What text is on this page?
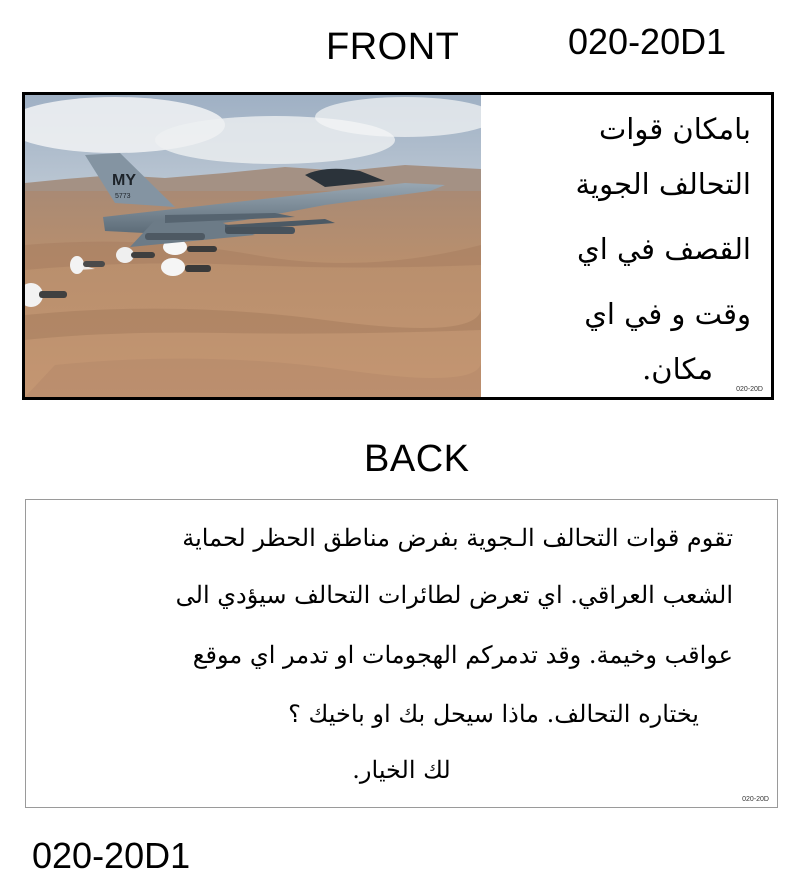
FRONT	020-20D1
MY
5773
بامكان قوات
التحالف الجوية
القصف في اي
وقت و في اي
مكان.
020-20D
BACK
تقوم قوات التحالف الـجوية بفرض مناطق الحظر لحماية
الشعب العراقي. اي تعرض لطائرات التحالف سيؤدي الى
عواقب وخيمة. وقد تدمركم الهجومات او تدمر اي موقع
يختاره التحالف. ماذا سيحل بك او باخيك ؟
لك الخيار.
020-20D
020-20D1
